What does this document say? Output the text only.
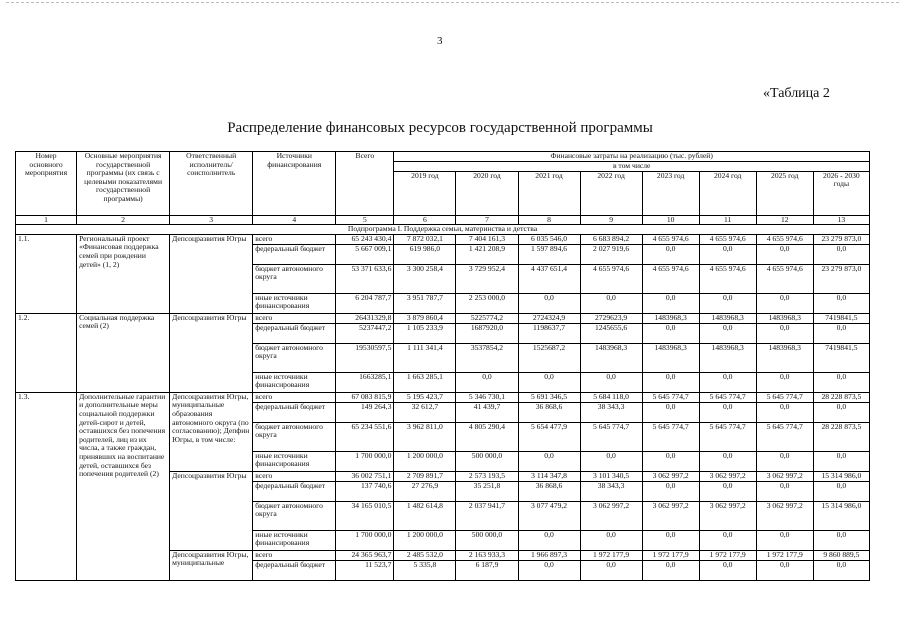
3
«Таблица 2
Распределение финансовых ресурсов государственной программы
Номер основного мероприятия	Основные мероприятия государственной программы (их связь с целевыми показателями государственной программы)	Ответственный исполнитель/ соисполнитель	Источники финансирования	Всего	Финансовые затраты на реализацию (тыс. рублей)							
					в том числе							
					2019 год	2020 год	2021 год	2022 год	2023 год	2024 год	2025 год	2026 - 2030 годы
1	2	3	4	5	6	7	8	9	10	11	12	13
Подпрограмма I. Поддержка семьи, материнства и детства												
1.1.	Региональный проект «Финансовая поддержка семей при рождении детей» (1, 2)	Депсоцразвития Югры	всего	65 243 430,4	7 872 032,1	7 404 161,3	6 035 546,0	6 683 894,2	4 655 974,6	4 655 974,6	4 655 974,6	23 279 873,0
			федеральный бюджет	5 667 009,1	619 986,0	1 421 208,9	1 597 894,6	2 027 919,6	0,0	0,0	0,0	0,0
			бюджет автономного округа	53 371 633,6	3 300 258,4	3 729 952,4	4 437 651,4	4 655 974,6	4 655 974,6	4 655 974,6	4 655 974,6	23 279 873,0
			иные источники финансирования	6 204 787,7	3 951 787,7	2 253 000,0	0,0	0,0	0,0	0,0	0,0	0,0
1.2.	Социальная поддержка семей (2)	Депсоцразвития Югры	всего	26431329,8	3 879 860,4	5225774,2	2724324,9	2729623,9	1483968,3	1483968,3	1483968,3	7419841,5
			федеральный бюджет	5237447,2	1 105 233,9	1687920,0	1198637,7	1245655,6	0,0	0,0	0,0	0,0
			бюджет автономного округа	19530597,5	1 111 341,4	3537854,2	1525687,2	1483968,3	1483968,3	1483968,3	1483968,3	7419841,5
			иные источники финансирования	1663285,1	1 663 285,1	0,0	0,0	0,0	0,0	0,0	0,0	0,0
1.3.	Дополнительные гарантии и дополнительные меры социальной поддержки детей-сирот и детей, оставшихся без попечения родителей, лиц из их числа, а также граждан, принявших на воспитание детей, оставшихся без попечения родителей (2)	Депсоцразвития Югры, муниципальные образования автономного округа (по согласованию); Депфин Югры, в том числе:	всего	67 083 815,9	5 195 423,7	5 346 730,1	5 691 346,5	5 684 118,0	5 645 774,7	5 645 774,7	5 645 774,7	28 228 873,5
			федеральный бюджет	149 264,3	32 612,7	41 439,7	36 868,6	38 343,3	0,0	0,0	0,0	0,0
			бюджет автономного округа	65 234 551,6	3 962 811,0	4 805 290,4	5 654 477,9	5 645 774,7	5 645 774,7	5 645 774,7	5 645 774,7	28 228 873,5
			иные источники финансирования	1 700 000,0	1 200 000,0	500 000,0	0,0	0,0	0,0	0,0	0,0	0,0
		Депсоцразвития Югры	всего	36 002 751,1	2 709 891,7	2 573 193,5	3 114 347,8	3 101 340,5	3 062 997,2	3 062 997,2	3 062 997,2	15 314 986,0
			федеральный бюджет	137 740,6	27 276,9	35 251,8	36 868,6	38 343,3	0,0	0,0	0,0	0,0
			бюджет автономного округа	34 165 010,5	1 482 614,8	2 037 941,7	3 077 479,2	3 062 997,2	3 062 997,2	3 062 997,2	3 062 997,2	15 314 986,0
			иные источники финансирования	1 700 000,0	1 200 000,0	500 000,0	0,0	0,0	0,0	0,0	0,0	0,0
		Депсоцразвития Югры, муниципальные	всего	24 365 963,7	2 485 532,0	2 163 933,3	1 966 897,3	1 972 177,9	1 972 177,9	1 972 177,9	1 972 177,9	9 860 889,5
			федеральный бюджет	11 523,7	5 335,8	6 187,9	0,0	0,0	0,0	0,0	0,0	0,0
